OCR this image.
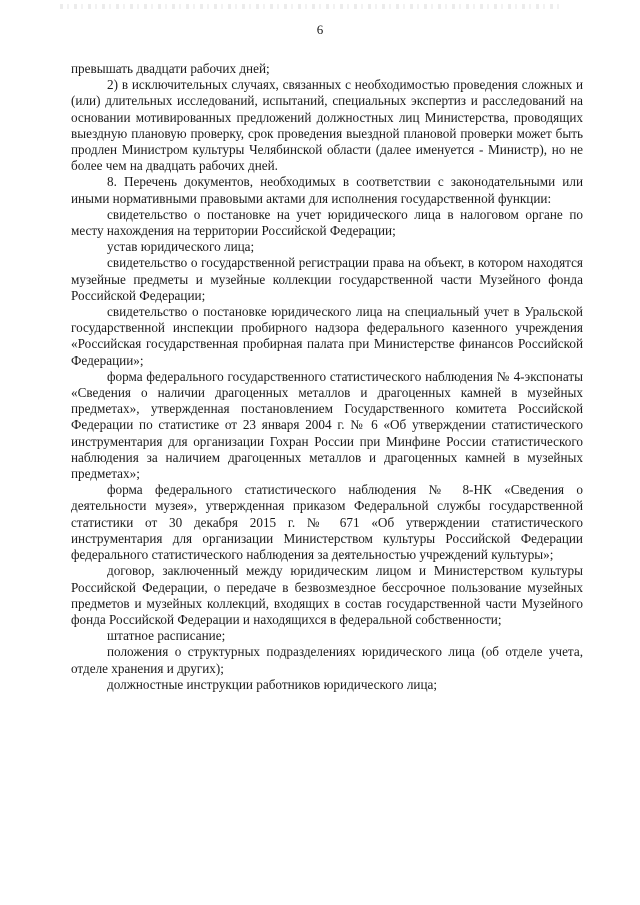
6

превышать двадцати рабочих дней;

2) в исключительных случаях, связанных с необходимостью проведения сложных и (или) длительных исследований, испытаний, специальных экспертиз и расследований на основании мотивированных предложений должностных лиц Министерства, проводящих выездную плановую проверку, срок проведения выездной плановой проверки может быть продлен Министром культуры Челябинской области (далее именуется - Министр), но не более чем на двадцать рабочих дней.

8. Перечень документов, необходимых в соответствии с законодательными или иными нормативными правовыми актами для исполнения государственной функции:

свидетельство о постановке на учет юридического лица в налоговом органе по месту нахождения на территории Российской Федерации;

устав юридического лица;

свидетельство о государственной регистрации права на объект, в котором находятся музейные предметы и музейные коллекции государственной части Музейного фонда Российской Федерации;

свидетельство о постановке юридического лица на специальный учет в Уральской государственной инспекции пробирного надзора федерального казенного учреждения «Российская государственная пробирная палата при Министерстве финансов Российской Федерации»;

форма федерального государственного статистического наблюдения № 4-экспонаты «Сведения о наличии драгоценных металлов и драгоценных камней в музейных предметах», утвержденная постановлением Государственного комитета Российской Федерации по статистике от 23 января 2004 г. № 6 «Об утверждении статистического инструментария для организации Гохран России при Минфине России статистического наблюдения за наличием драгоценных металлов и драгоценных камней в музейных предметах»;

форма федерального статистического наблюдения № 8-НК «Сведения о деятельности музея», утвержденная приказом Федеральной службы государственной статистики от 30 декабря 2015 г. № 671 «Об утверждении статистического инструментария для организации Министерством культуры Российской Федерации федерального статистического наблюдения за деятельностью учреждений культуры»;

договор, заключенный между юридическим лицом и Министерством культуры Российской Федерации, о передаче в безвозмездное бессрочное пользование музейных предметов и музейных коллекций, входящих в состав государственной части Музейного фонда Российской Федерации и находящихся в федеральной собственности;

штатное расписание;

положения о структурных подразделениях юридического лица (об отделе учета, отделе хранения и других);

должностные инструкции работников юридического лица;
